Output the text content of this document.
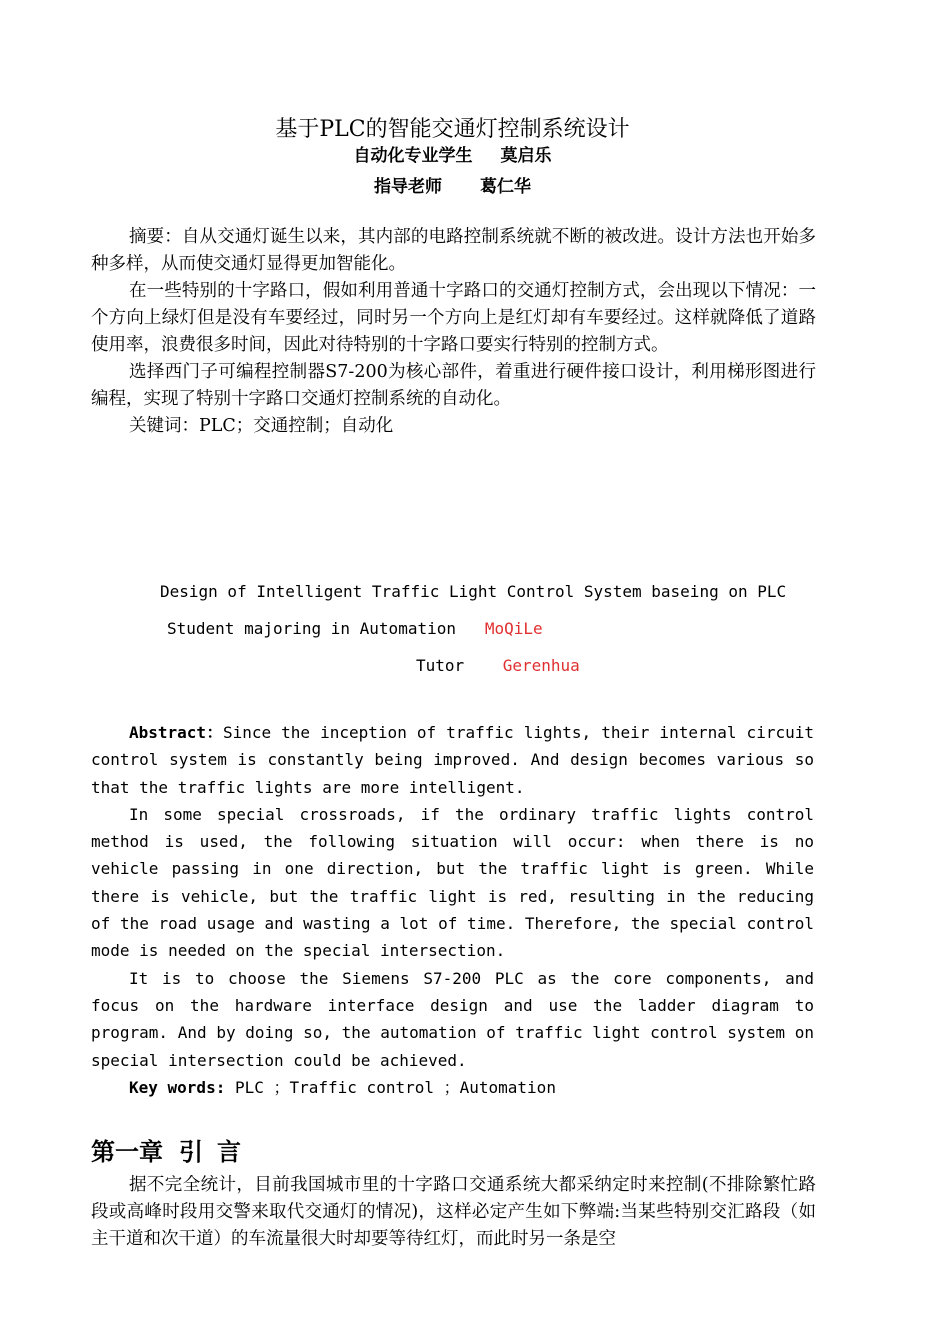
基于PLC的智能交通灯控制系统设计
自动化专业学生 莫启乐
指导老师 葛仁华

摘要：自从交通灯诞生以来，其内部的电路控制系统就不断的被改进。设计方法也开始多种多样，从而使交通灯显得更加智能化。

在一些特别的十字路口，假如利用普通十字路口的交通灯控制方式，会出现以下情况：一个方向上绿灯但是没有车要经过，同时另一个方向上是红灯却有车要经过。这样就降低了道路使用率，浪费很多时间，因此对待特别的十字路口要实行特别的控制方式。

选择西门子可编程控制器S7-200为核心部件，着重进行硬件接口设计，利用梯形图进行编程，实现了特别十字路口交通灯控制系统的自动化。

关键词：PLC；交通控制；自动化

Design of Intelligent Traffic Light Control System baseing on PLC
Student majoring in Automation MoQiLe
Tutor Gerenhua

Abstract：Since the inception of traffic lights, their internal circuit control system is constantly being improved. And design becomes various so that the traffic lights are more intelligent.

In some special crossroads, if the ordinary traffic lights control method is used, the following situation will occur: when there is no vehicle passing in one direction, but the traffic light is green. While there is vehicle, but the traffic light is red, resulting in the reducing of the road usage and wasting a lot of time. Therefore, the special control mode is needed on the special intersection.

It is to choose the Siemens S7-200 PLC as the core components, and focus on the hardware interface design and use the ladder diagram to program. And by doing so, the automation of traffic light control system on special intersection could be achieved.

Key words: PLC ；Traffic control ；Automation

第一章 引 言

据不完全统计，目前我国城市里的十字路口交通系统大都采纳定时来控制(不排除繁忙路段或高峰时段用交警来取代交通灯的情况)，这样必定产生如下弊端:当某些特别交汇路段（如主干道和次干道）的车流量很大时却要等待红灯，而此时另一条是空
